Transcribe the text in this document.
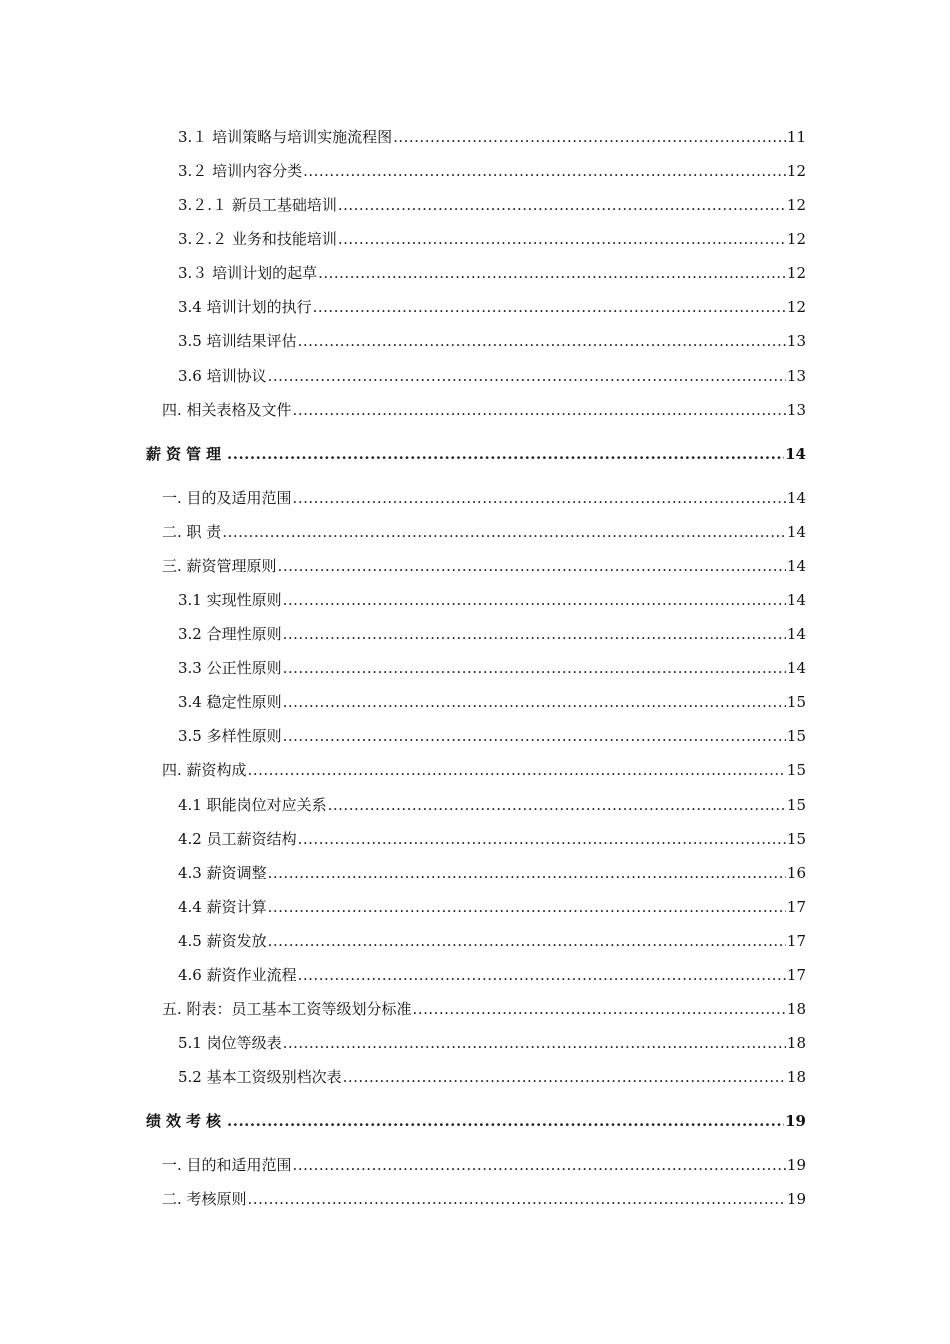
3.１ 培训策略与培训实施流程图 .....	11
3.２ 培训内容分类 .....	12
3.２.１ 新员工基础培训 .....	12
3.２.２ 业务和技能培训 .....	12
3.３ 培训计划的起草 .....	12
3.4 培训计划的执行 .....	12
3.5 培训结果评估 .....	13
3.6 培训协议 .....	13
四. 相关表格及文件 .....	13
薪资管理 .....	14
一. 目的及适用范围 .....	14
二. 职 责 .....	14
三. 薪资管理原则 .....	14
3.1 实现性原则 .....	14
3.2 合理性原则 .....	14
3.3 公正性原则 .....	14
3.4 稳定性原则 .....	15
3.5 多样性原则 .....	15
四. 薪资构成 .....	15
4.1 职能岗位对应关系 .....	15
4.2 员工薪资结构 .....	15
4.3 薪资调整 .....	16
4.4 薪资计算 .....	17
4.5 薪资发放 .....	17
4.6 薪资作业流程 .....	17
五. 附表：员工基本工资等级划分标准 .....	18
5.1 岗位等级表 .....	18
5.2 基本工资级别档次表 .....	18
绩效考核 .....	19
一. 目的和适用范围 .....	19
二. 考核原则 .....	19
